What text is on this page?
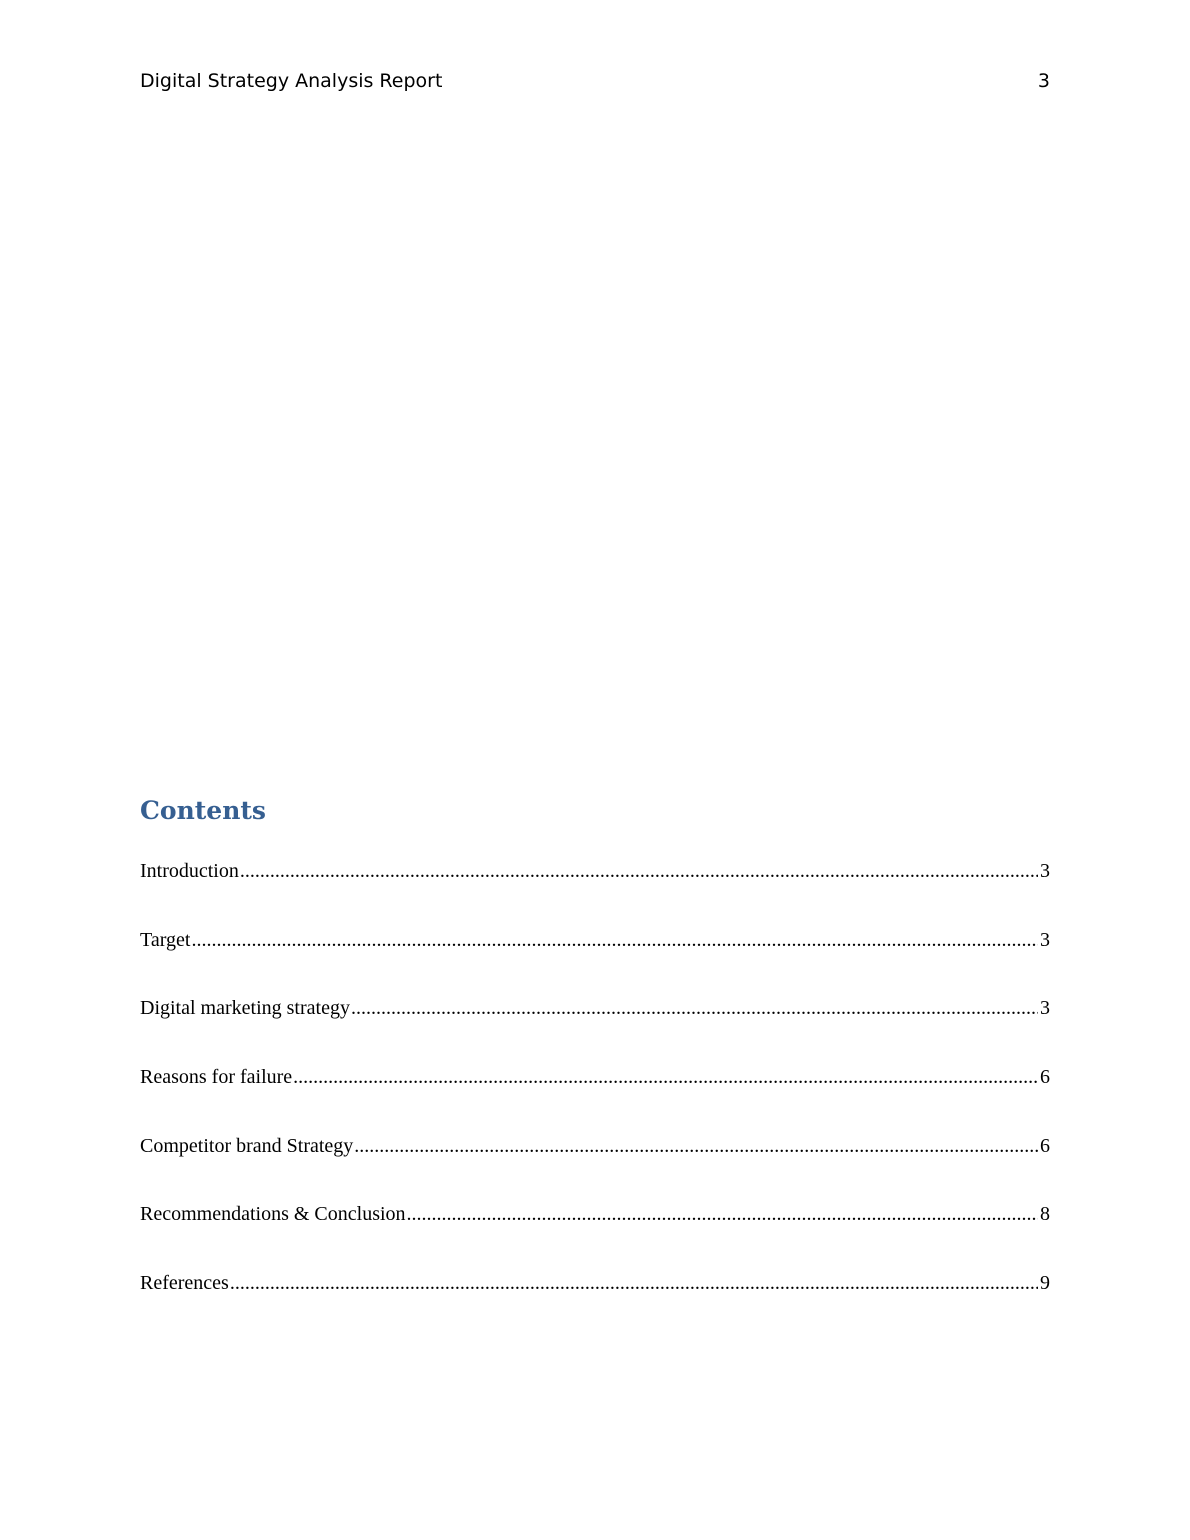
Digital Strategy Analysis Report	3
Contents
Introduction .....	3
Target .....	3
Digital marketing strategy .....	3
Reasons for failure .....	6
Competitor brand Strategy .....	6
Recommendations & Conclusion .....	8
References .....	9
